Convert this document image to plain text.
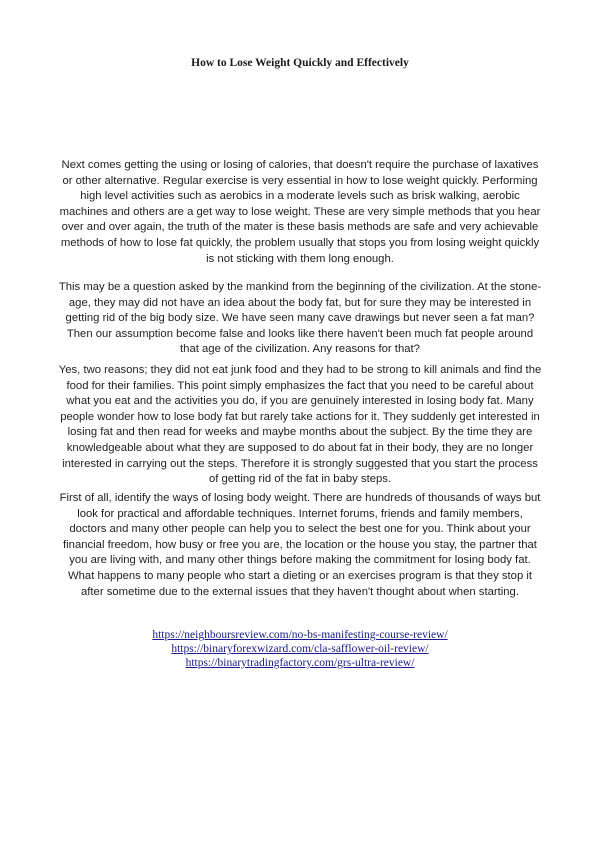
How to Lose Weight Quickly and Effectively

Next comes getting the using or losing of calories, that doesn't require the purchase of laxatives or other alternative. Regular exercise is very essential in how to lose weight quickly. Performing high level activities such as aerobics in a moderate levels such as brisk walking, aerobic machines and others are a get way to lose weight. These are very simple methods that you hear over and over again, the truth of the mater is these basis methods are safe and very achievable methods of how to lose fat quickly, the problem usually that stops you from losing weight quickly is not sticking with them long enough.

This may be a question asked by the mankind from the beginning of the civilization. At the stone-age, they may did not have an idea about the body fat, but for sure they may be interested in getting rid of the big body size. We have seen many cave drawings but never seen a fat man? Then our assumption become false and looks like there haven't been much fat people around that age of the civilization. Any reasons for that?

Yes, two reasons; they did not eat junk food and they had to be strong to kill animals and find the food for their families. This point simply emphasizes the fact that you need to be careful about what you eat and the activities you do, if you are genuinely interested in losing body fat. Many people wonder how to lose body fat but rarely take actions for it. They suddenly get interested in losing fat and then read for weeks and maybe months about the subject. By the time they are knowledgeable about what they are supposed to do about fat in their body, they are no longer interested in carrying out the steps. Therefore it is strongly suggested that you start the process of getting rid of the fat in baby steps.

First of all, identify the ways of losing body weight. There are hundreds of thousands of ways but look for practical and affordable techniques. Internet forums, friends and family members, doctors and many other people can help you to select the best one for you. Think about your financial freedom, how busy or free you are, the location or the house you stay, the partner that you are living with, and many other things before making the commitment for losing body fat. What happens to many people who start a dieting or an exercises program is that they stop it after sometime due to the external issues that they haven't thought about when starting.

https://neighboursreview.com/no-bs-manifesting-course-review/
https://binaryforexwizard.com/cla-safflower-oil-review/
https://binarytradingfactory.com/grs-ultra-review/
